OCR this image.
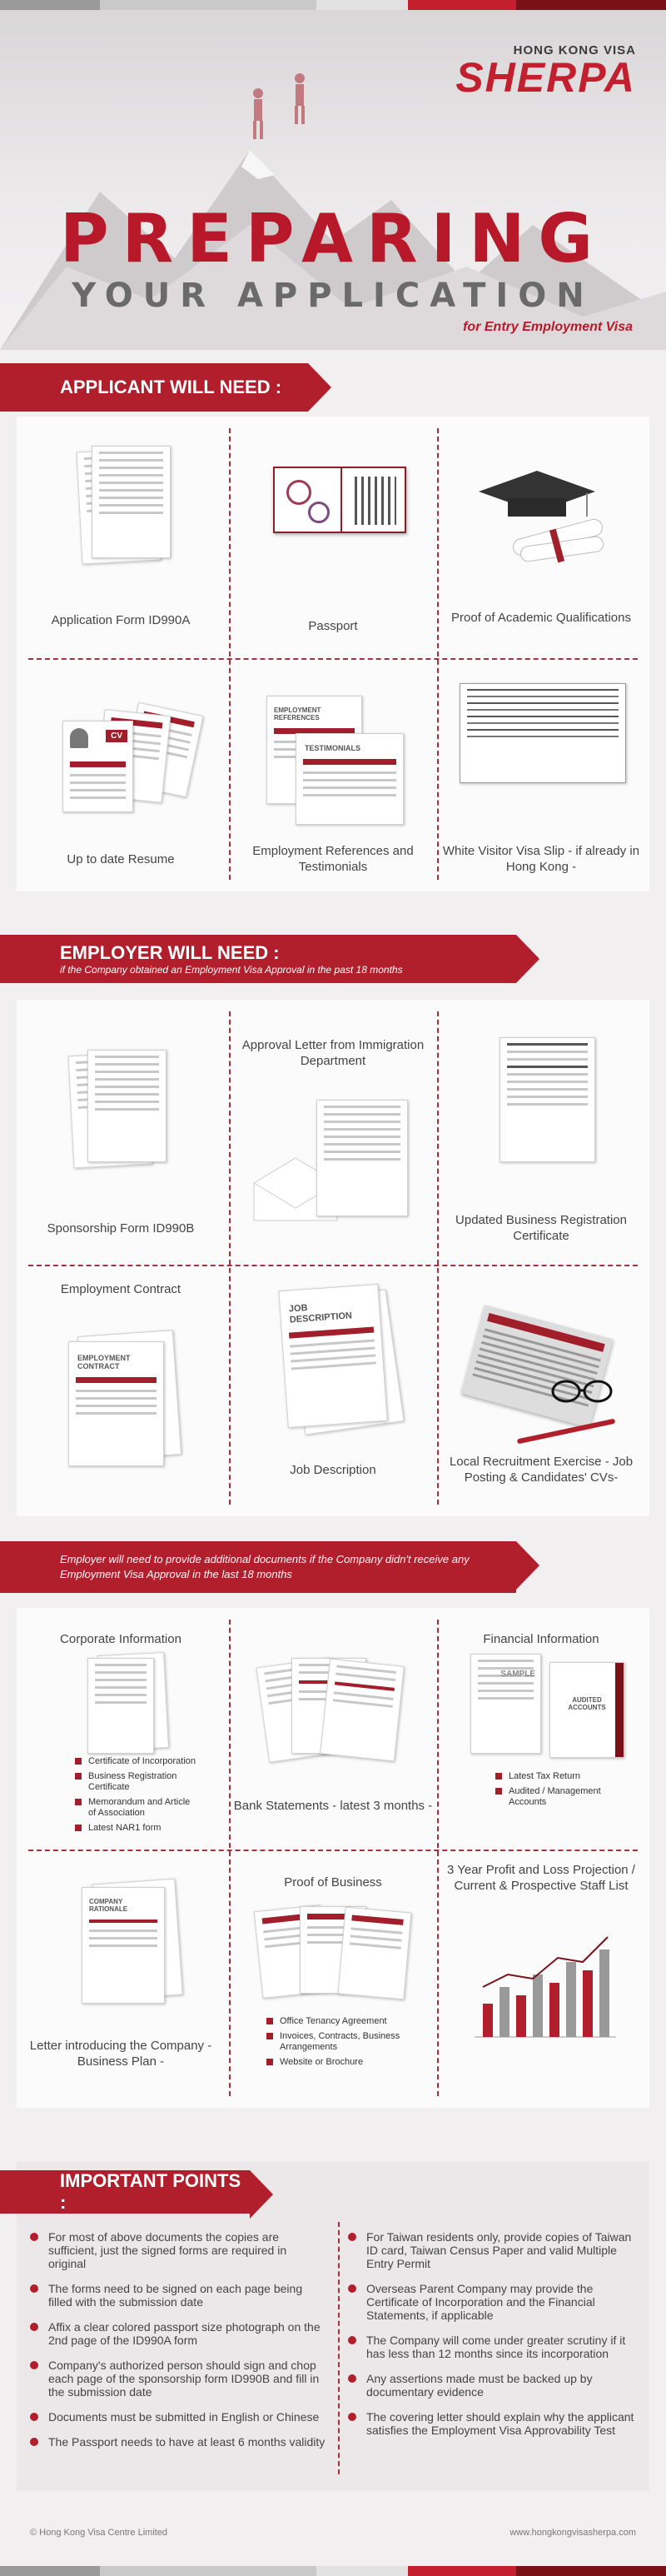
HONG KONG VISA
SHERPA
PREPARING
YOUR APPLICATION
for Entry Employment Visa
APPLICANT WILL NEED :
Application Form ID990A	Passport
Proof of Academic Qualifications
CV
Up to date Resume
EMPLOYMENT REFERENCES
TESTIMONIALS
Employment References and Testimonials
White Visitor Visa Slip - if already in Hong Kong -
EMPLOYER WILL NEED :
if the Company obtained an Employment Visa Approval in the past 18 months
Sponsorship Form ID990B
Approval Letter from Immigration Department
Updated Business Registration Certificate
Employment Contract
EMPLOYMENT CONTRACT
JOB DESCRIPTION
Job Description
Local Recruitment Exercise - Job Posting & Candidates' CVs-
Employer will need to provide additional documents if the Company didn't receive any Employment Visa Approval in the last 18 months
Corporate Information
Certificate of Incorporation
Business Registration Certificate
Memorandum and Article of Association
Latest NAR1 form
Bank Statements - latest 3 months -
Financial Information
SAMPLE
AUDITED ACCOUNTS
Latest Tax Return
Audited / Management Accounts
COMPANY RATIONALE
Letter introducing the Company - Business Plan -
Proof of Business
Office Tenancy Agreement
Invoices, Contracts, Business Arrangements
Website or Brochure
3 Year Profit and Loss Projection / Current & Prospective Staff List
For most of above documents the copies are sufficient, just the signed forms are required in original
The forms need to be signed on each page being filled with the submission date
Affix a clear colored passport size photograph on the 2nd page of the ID990A form
Company's authorized person should sign and chop each page of the sponsorship form ID990B and fill in the submission date
Documents must be submitted in English or Chinese
The Passport needs to have at least 6 months validity
For Taiwan residents only, provide copies of Taiwan ID card, Taiwan Census Paper and valid Multiple Entry Permit
Overseas Parent Company may provide the Certificate of Incorporation and the Financial Statements, if applicable
The Company will come under greater scrutiny if it has less than 12 months since its incorporation
Any assertions made must be backed up by documentary evidence
The covering letter should explain why the applicant satisfies the Employment Visa Approvability Test
IMPORTANT POINTS :
© Hong Kong Visa Centre Limited	www.hongkongvisasherpa.com
